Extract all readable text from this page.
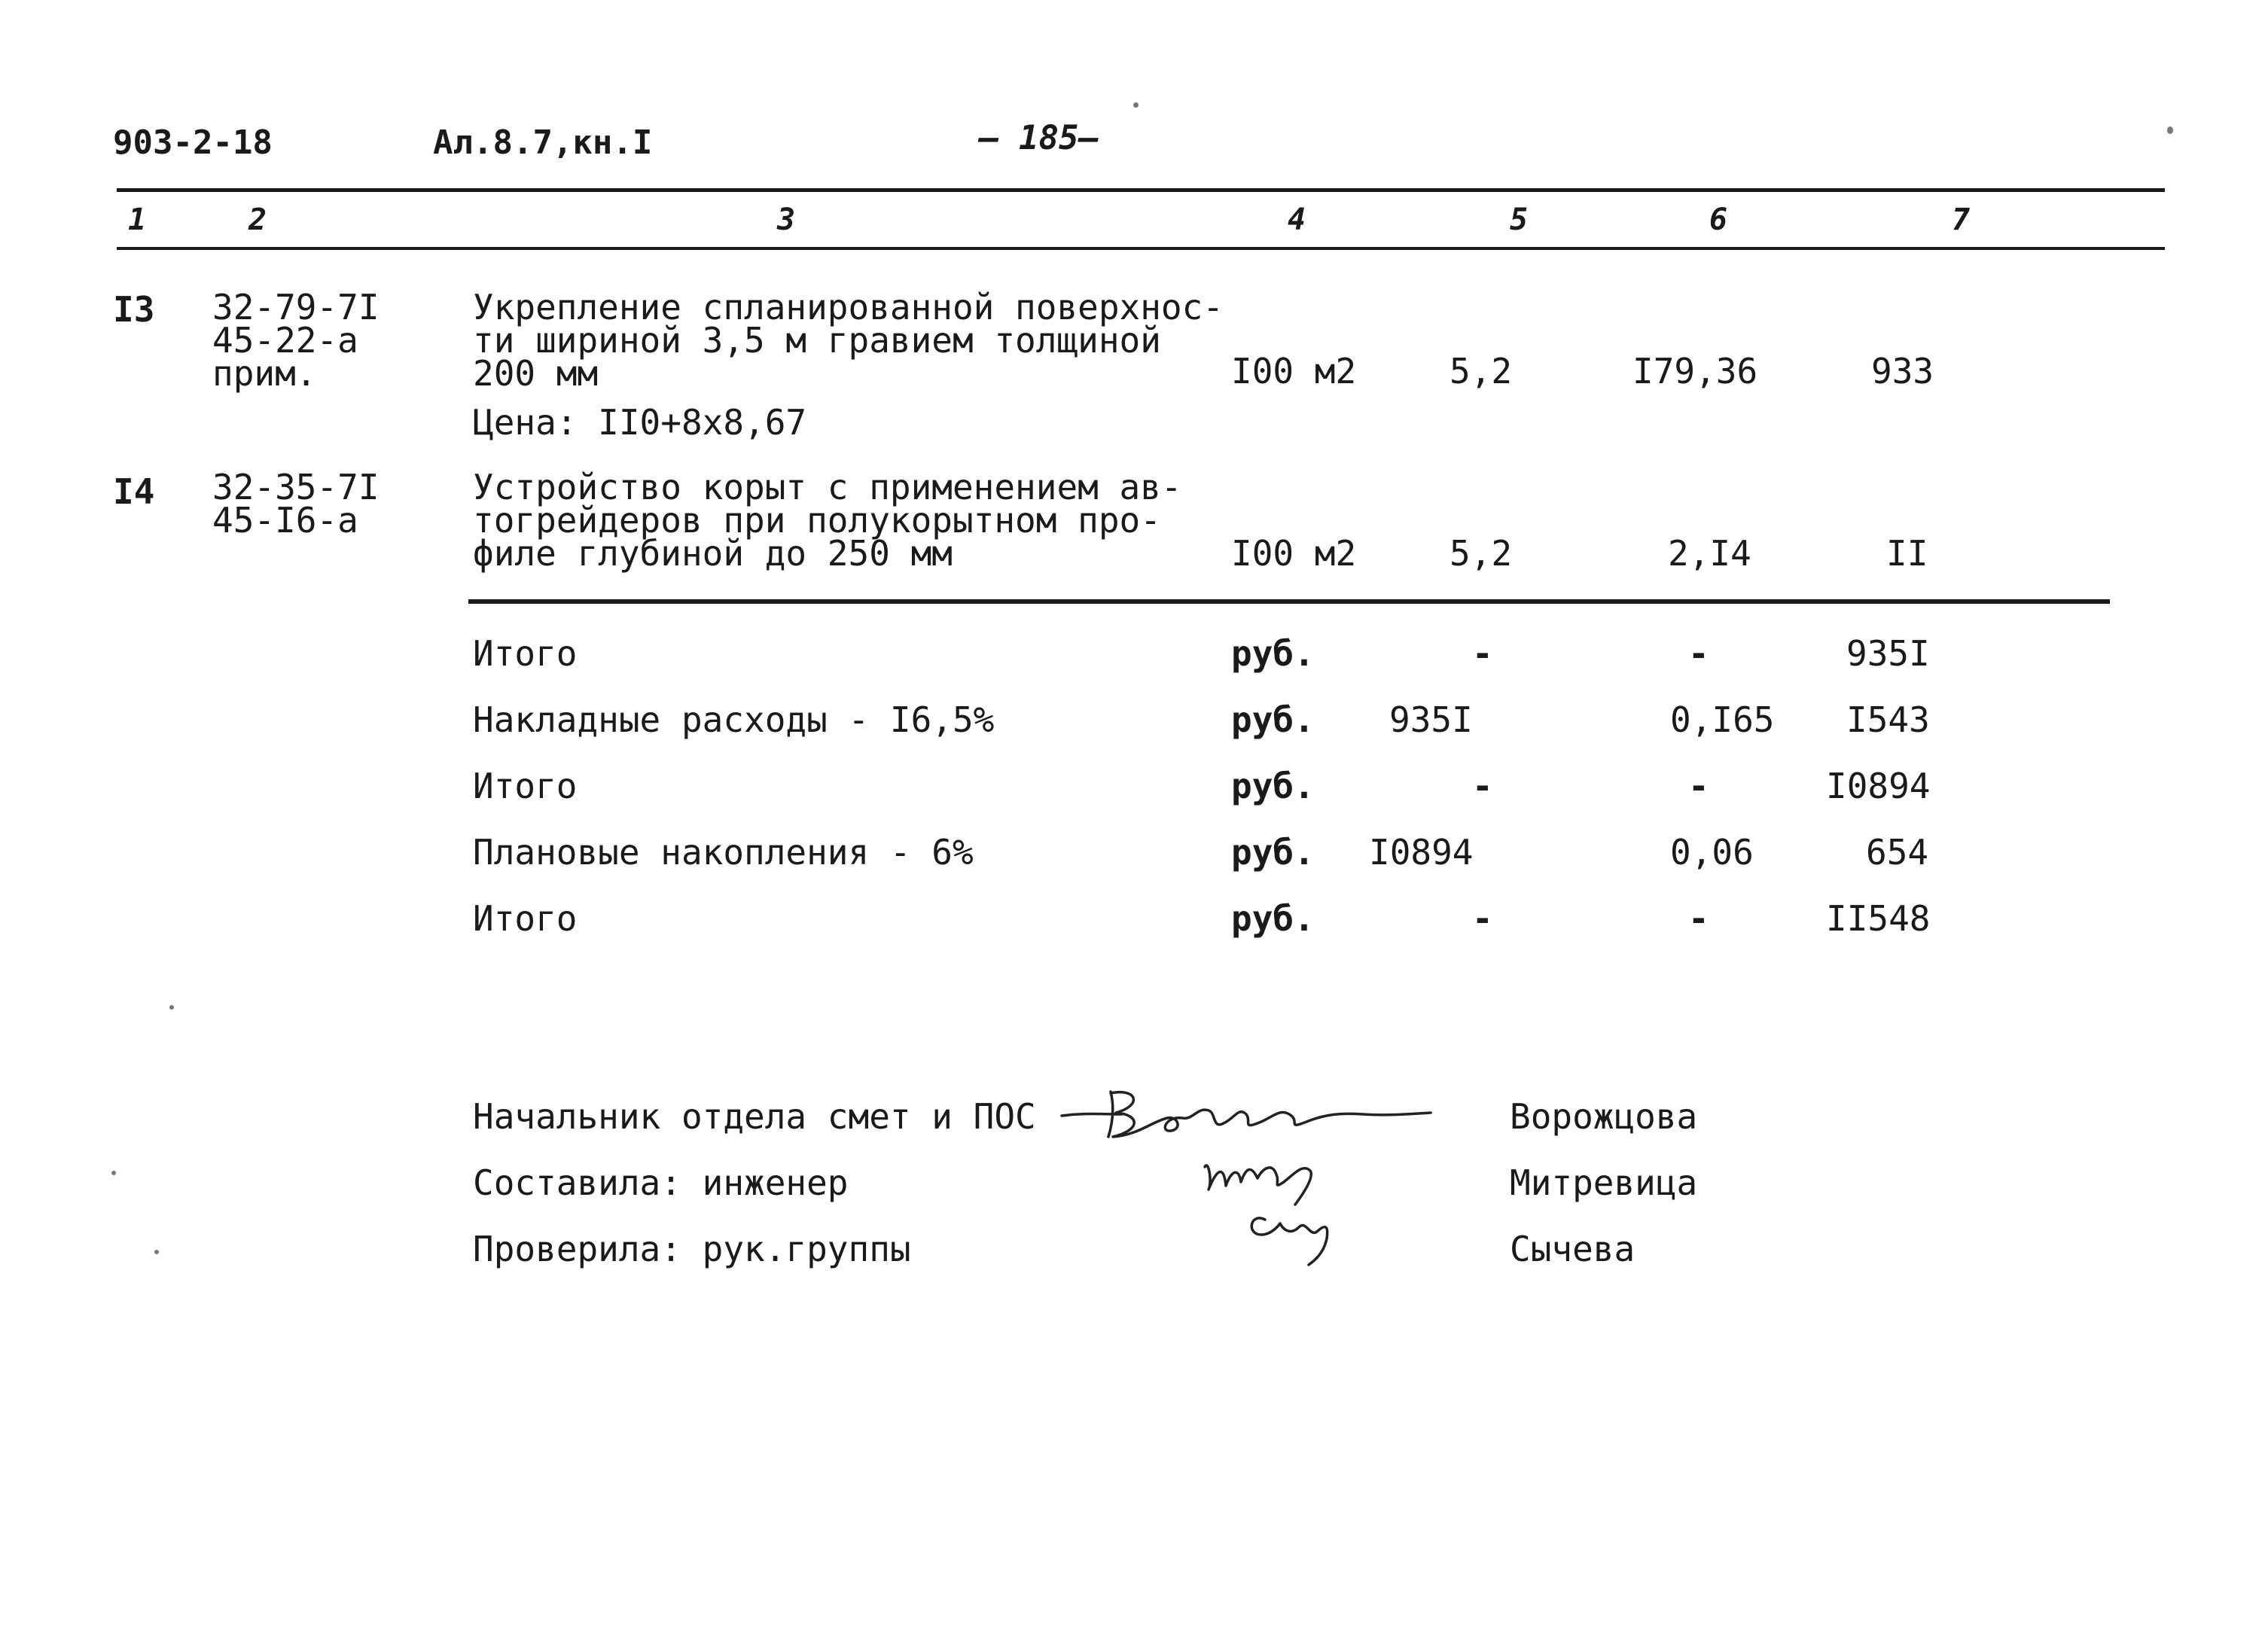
903-2-18	Ал.8.7,кн.I	– 185–
1	2	3	4	5	6	7
I3 32-79-7I
45-22-а
прим.
Укрепление спланированной поверхнос-
ти шириной 3,5 м гравием толщиной
200 мм
Цена: II0+8х8,67
I00 м2	5,2	I79,36	933
I4 32-35-7I
45-I6-а
Устройство корыт с применением ав-
тогрейдеров при полукорытном про-
филе глубиной до 250 мм	I00 м2	5,2	2,I4	II
Итого	руб.	-	-	935I
Накладные расходы - I6,5%	руб. 935I	0,I65 I543
Итого	руб.	-	-	I0894
Плановые накопления - 6%	руб. I0894	0,06	654
Итого	руб.	-	-	II548
Начальник отдела смет и ПОС	Ворожцова
Составила: инженер	Митревица
Проверила: рук.группы	Сычева
